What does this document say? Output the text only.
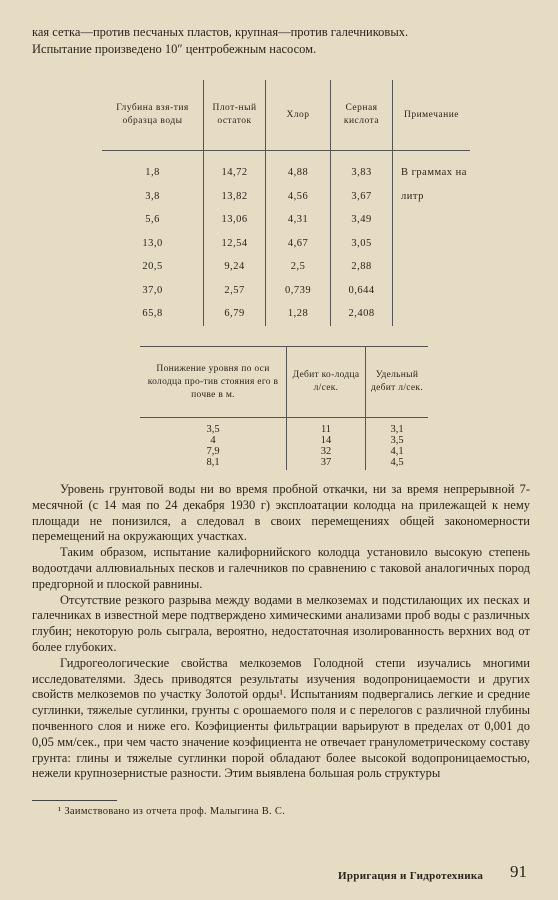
кая сетка—против песчаных пластов, крупная—против галечниковых.

Испытание произведено 10″ центробежным насосом.

Глубина взя-тия образца воды	Плот-ный остаток	Хлор	Серная кислота	Примечание
1,8	14,72	4,88	3,83	В граммах на литр
3,8	13,82	4,56	3,67	
5,6	13,06	4,31	3,49	
13,0	12,54	4,67	3,05	
20,5	9,24	2,5	2,88	
37,0	2,57	0,739	0,644	
65,8	6,79	1,28	2,408	
Понижение уровня по оси колодца про-тив стояния его в почве в м.	Дебит ко-лодца л/сек.	Удельный дебит л/сек.
3,5	11	3,1
4	14	3,5
7,9	32	4,1
8,1	37	4,5

Уровень грунтовой воды ни во время пробной откачки, ни за время непрерывной 7-месячной (с 14 мая по 24 декабря 1930 г) эксплоатации колодца на прилежащей к нему площади не понизился, а следовал в своих перемещениях общей закономерности перемещений на окружающих участках.

Таким образом, испытание калифорнийского колодца установило высокую степень водоотдачи аллювиальных песков и галечников по сравнению с таковой аналогичных пород предгорной и плоской равнины.

Отсутствие резкого разрыва между водами в мелкоземах и подстилающих их песках и галечниках в известной мере подтверждено химическими анализами проб воды с различных глубин; некоторую роль сыграла, вероятно, недостаточная изолированность верхних вод от более глубоких.

Гидрогеологические свойства мелкоземов Голодной степи изучались многими исследователями. Здесь приводятся результаты изучения водопроницаемости и других свойств мелкоземов по участку Золотой орды¹. Испытаниям подвергались легкие и средние суглинки, тяжелые суглинки, грунты с орошаемого поля и с перелогов с различной глубины почвенного слоя и ниже его. Коэфициенты фильтрации варьируют в пределах от 0,001 до 0,05 мм/сек., при чем часто значение коэфициента не отвечает гранулометрическому составу грунта: глины и тяжелые суглинки порой обладают более высокой водопроницаемостью, нежели крупнозернистые разности. Этим выявлена большая роль структуры

¹ Заимствовано из отчета проф. Малыгина В. С.
Ирригация и Гидротехника 91
